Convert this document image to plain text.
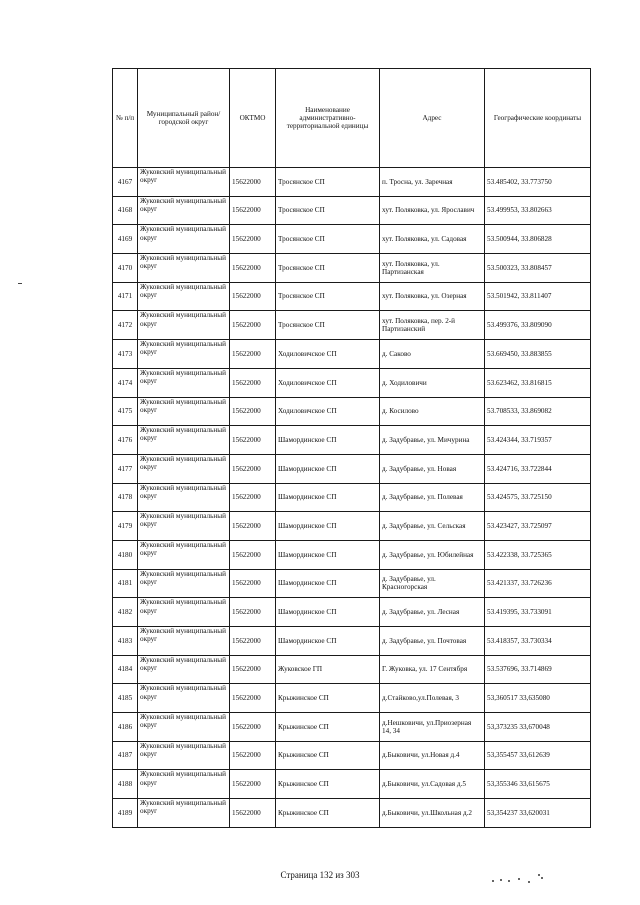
№ п/п	Муниципальный район/городской округ	ОКТМО	Наименование административно-территориальной единицы	Адрес	Географические координаты
4167	Жуковский муниципальный округ	15622000	Тросянское СП	п. Тросна, ул. Заречная	53.485402, 33.773750
4168	Жуковский муниципальный округ	15622000	Тросянское СП	хут. Поляковка, ул. Ярославич	53.499953, 33.802663
4169	Жуковский муниципальный округ	15622000	Тросянское СП	хут. Поляковка, ул. Садовая	53.500944, 33.806828
4170	Жуковский муниципальный округ	15622000	Тросянское СП	хут. Поляковка, ул. Партизанская	53.500323, 33.808457
4171	Жуковский муниципальный округ	15622000	Тросянское СП	хут. Поляковка, ул. Озерная	53.501942, 33.811407
4172	Жуковский муниципальный округ	15622000	Тросянское СП	хут. Поляковка, пер. 2-й Партизанский	53.499376, 33.809090
4173	Жуковский муниципальный округ	15622000	Ходиловичское СП	д. Саково	53.669450, 33.883855
4174	Жуковский муниципальный округ	15622000	Ходиловичское СП	д. Ходиловичи	53.623462, 33.816815
4175	Жуковский муниципальный округ	15622000	Ходиловичское СП	д. Косилово	53.708533, 33.869082
4176	Жуковский муниципальный округ	15622000	Шамординское СП	д. Задубравье, ул. Мичурина	53.424344, 33.719357
4177	Жуковский муниципальный округ	15622000	Шамординское СП	д. Задубравье, ул. Новая	53.424716, 33.722844
4178	Жуковский муниципальный округ	15622000	Шамординское СП	д. Задубравье, ул. Полевая	53.424575, 33.725150
4179	Жуковский муниципальный округ	15622000	Шамординское СП	д. Задубравье, ул. Сельская	53.423427, 33.725097
4180	Жуковский муниципальный округ	15622000	Шамординское СП	д. Задубравье, ул. Юбилейная	53.422338, 33.725365
4181	Жуковский муниципальный округ	15622000	Шамординское СП	д. Задубравье, ул. Красногорская	53.421337, 33.726236
4182	Жуковский муниципальный округ	15622000	Шамординское СП	д. Задубравье, ул. Лесная	53.419395, 33.733091
4183	Жуковский муниципальный округ	15622000	Шамординское СП	д. Задубравье, ул. Почтовая	53.418357, 33.730334
4184	Жуковский муниципальный округ	15622000	Жуковское ГП	Г. Жуковка, ул. 17 Сентября	53.537696, 33.714869
4185	Жуковский муниципальный округ	15622000	Крыжинское СП	д.Стайково,ул.Полевая, 3	53,360517 33,635080
4186	Жуковский муниципальный округ	15622000	Крыжинское СП	д.Нешковичи, ул.Приозерная 14, 34	53,373235 33,670048
4187	Жуковский муниципальный округ	15622000	Крыжинское СП	д.Быковичи, ул.Новая д.4	53,355457 33,612639
4188	Жуковский муниципальный округ	15622000	Крыжинское СП	д.Быковичи, ул.Садовая д.5	53,355346 33,615675
4189	Жуковский муниципальный округ	15622000	Крыжинское СП	д.Быковичи, ул.Школьная д.2	53,354237 33,620031
Страница 132 из 303
